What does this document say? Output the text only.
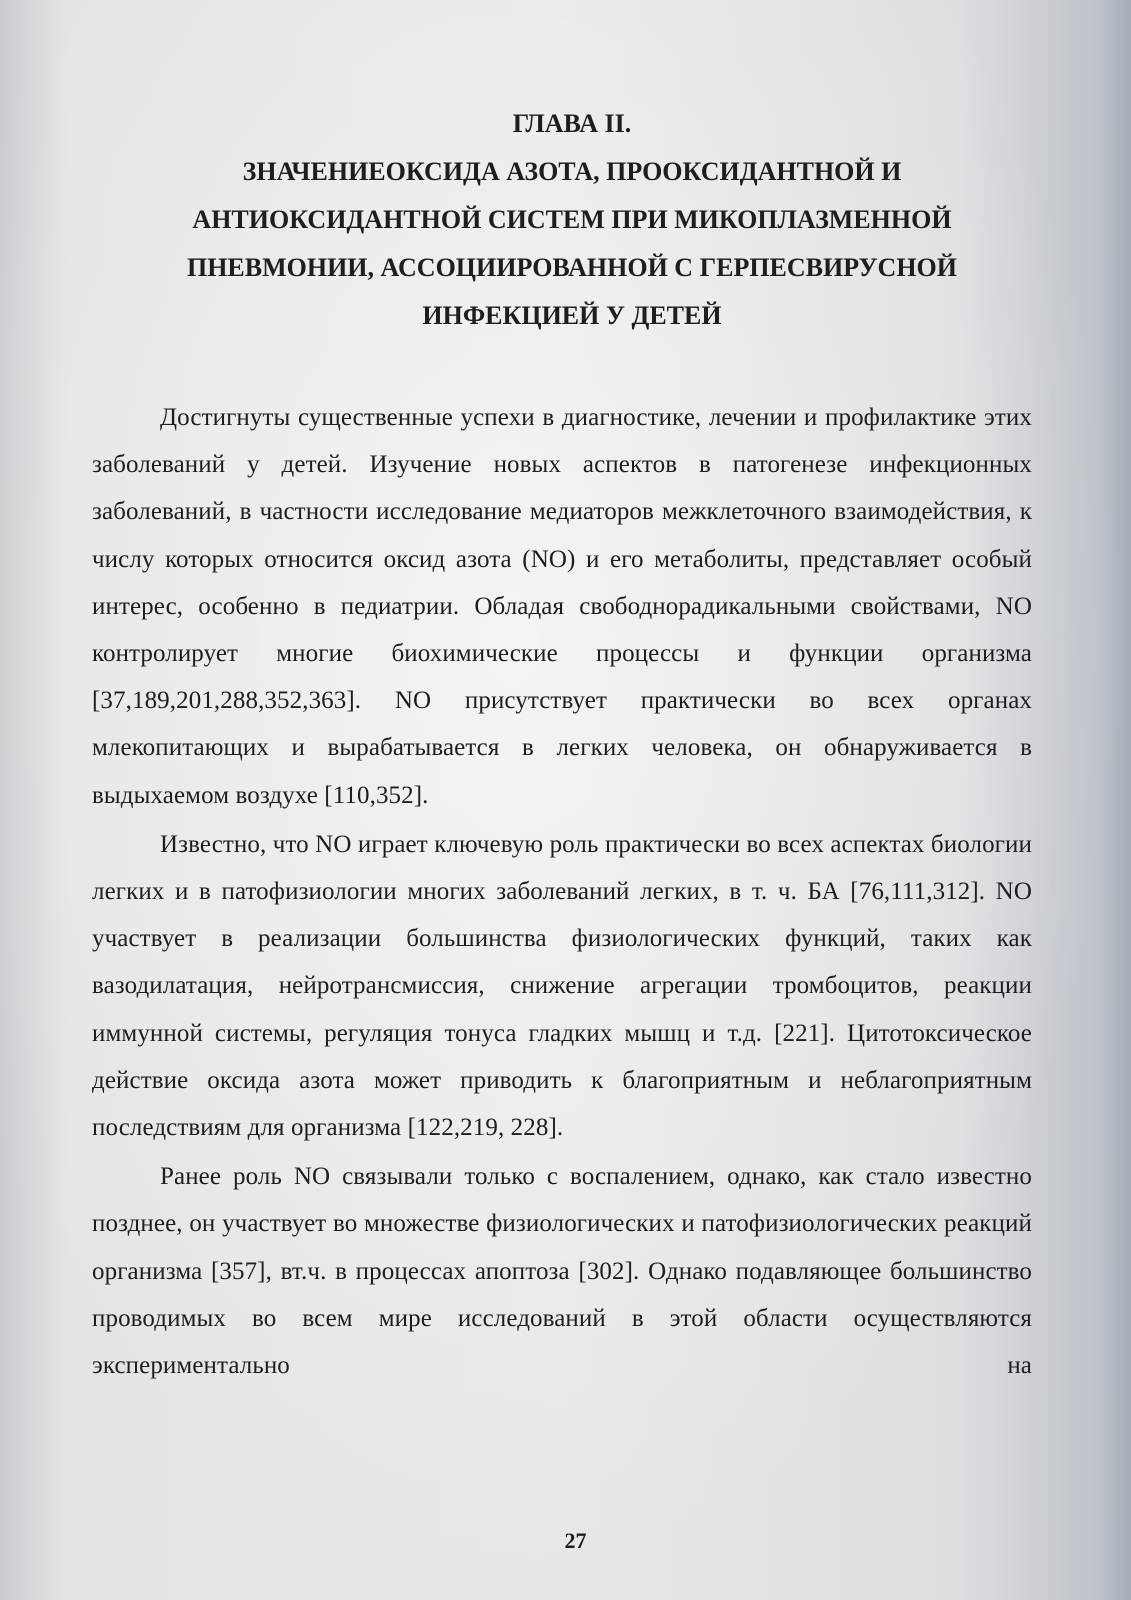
ГЛАВА II.
ЗНАЧЕНИЕОКСИДА АЗОТА, ПРООКСИДАНТНОЙ И
АНТИОКСИДАНТНОЙ СИСТЕМ ПРИ МИКОПЛАЗМЕННОЙ
ПНЕВМОНИИ, АССОЦИИРОВАННОЙ С ГЕРПЕСВИРУСНОЙ
ИНФЕКЦИЕЙ У ДЕТЕЙ

Достигнуты существенные успехи в диагностике, лечении и профилактике этих заболеваний у детей. Изучение новых аспектов в патогенезе инфекционных заболеваний, в частности исследование медиаторов межклеточного взаимодействия, к числу которых относится оксид азота (NO) и его метаболиты, представляет особый интерес, особенно в педиатрии. Обладая свободнорадикальными свойствами, NO контролирует многие биохимические процессы и функции организма [37,189,201,288,352,363]. NO присутствует практически во всех органах млекопитающих и вырабатывается в легких человека, он обнаруживается в выдыхаемом воздухе [110,352].

Известно, что NO играет ключевую роль практически во всех аспектах биологии легких и в патофизиологии многих заболеваний легких, в т. ч. БА [76,111,312]. NO участвует в реализации большинства физиологических функций, таких как вазодилатация, нейротрансмиссия, снижение агрегации тромбоцитов, реакции иммунной системы, регуляция тонуса гладких мышц и т.д. [221]. Цитотоксическое действие оксида азота может приводить к благоприятным и неблагоприятным последствиям для организма [122,219, 228].

Ранее роль NO связывали только с воспалением, однако, как стало известно позднее, он участвует во множестве физиологических и патофизиологических реакций организма [357], вт.ч. в процессах апоптоза [302]. Однако подавляющее большинство проводимых во всем мире исследований в этой области осуществляются экспериментально на

27
